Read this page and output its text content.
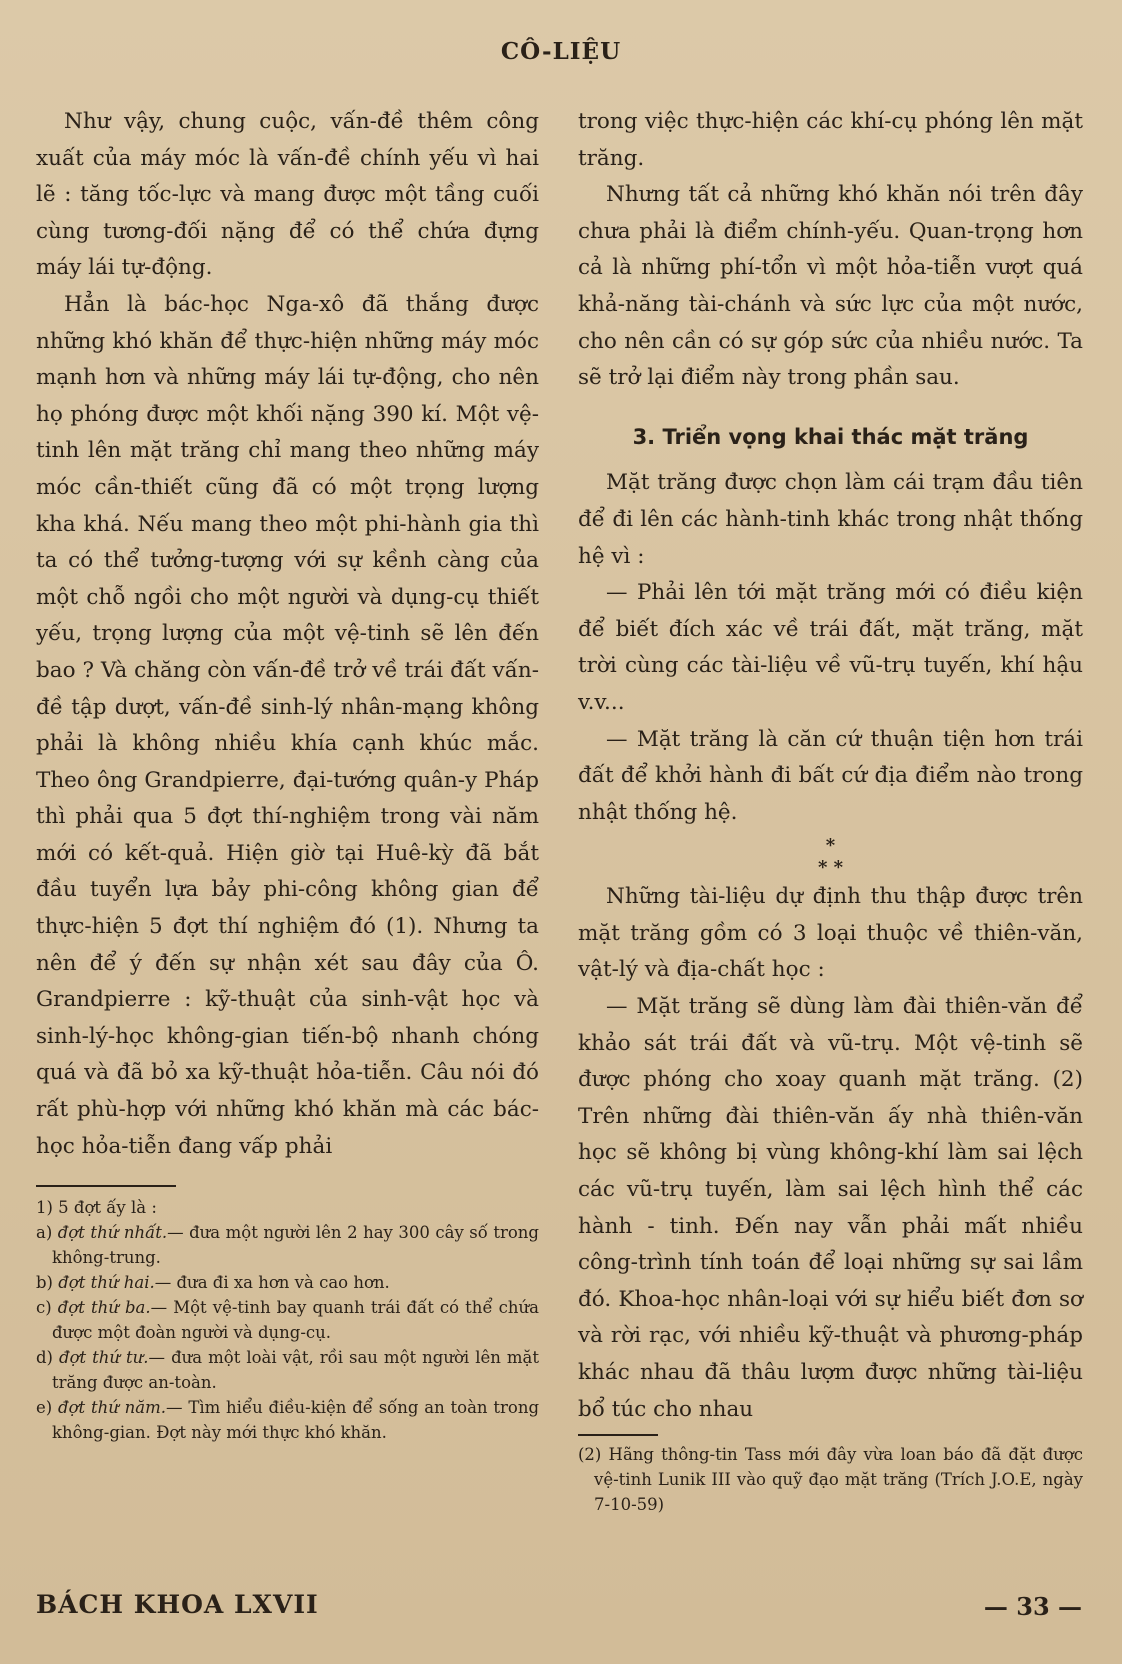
CÔ-LIỆU

Như vậy, chung cuộc, vấn-đề thêm công xuất của máy móc là vấn-đề chính yếu vì hai lẽ : tăng tốc-lực và mang được một tầng cuối cùng tương-đối nặng để có thể chứa đựng máy lái tự-động.

Hẳn là bác-học Nga-xô đã thắng được những khó khăn để thực-hiện những máy móc mạnh hơn và những máy lái tự-động, cho nên họ phóng được một khối nặng 390 kí. Một vệ-tinh lên mặt trăng chỉ mang theo những máy móc cần-thiết cũng đã có một trọng lượng kha khá. Nếu mang theo một phi-hành gia thì ta có thể tưởng-tượng với sự kềnh càng của một chỗ ngồi cho một người và dụng-cụ thiết yếu, trọng lượng của một vệ-tinh sẽ lên đến bao ? Và chăng còn vấn-đề trở về trái đất vấn-đề tập dượt, vấn-đề sinh-lý nhân-mạng không phải là không nhiều khía cạnh khúc mắc. Theo ông Grandpierre, đại-tướng quân-y Pháp thì phải qua 5 đợt thí-nghiệm trong vài năm mới có kết-quả. Hiện giờ tại Huê-kỳ đã bắt đầu tuyển lựa bảy phi-công không gian để thực-hiện 5 đợt thí nghiệm đó (1). Nhưng ta nên để ý đến sự nhận xét sau đây của Ô. Grandpierre : kỹ-thuật của sinh-vật học và sinh-lý-học không-gian tiến-bộ nhanh chóng quá và đã bỏ xa kỹ-thuật hỏa-tiễn. Câu nói đó rất phù-hợp với những khó khăn mà các bác-học hỏa-tiễn đang vấp phải

1) 5 đợt ấy là :

a) đợt thứ nhất.— đưa một người lên 2 hay 300 cây số trong không-trung.

b) đợt thứ hai.— đưa đi xa hơn và cao hơn.

c) đợt thứ ba.— Một vệ-tinh bay quanh trái đất có thể chứa được một đoàn người và dụng-cụ.

d) đợt thứ tư.— đưa một loài vật, rồi sau một người lên mặt trăng được an-toàn.

e) đợt thứ năm.— Tìm hiểu điều-kiện để sống an toàn trong không-gian. Đợt này mới thực khó khăn.

trong việc thực-hiện các khí-cụ phóng lên mặt trăng.

Nhưng tất cả những khó khăn nói trên đây chưa phải là điểm chính-yếu. Quan-trọng hơn cả là những phí-tổn vì một hỏa-tiễn vượt quá khả-năng tài-chánh và sức lực của một nước, cho nên cần có sự góp sức của nhiều nước. Ta sẽ trở lại điểm này trong phần sau.

3. Triển vọng khai thác mặt trăng

Mặt trăng được chọn làm cái trạm đầu tiên để đi lên các hành-tinh khác trong nhật thống hệ vì :

— Phải lên tới mặt trăng mới có điều kiện để biết đích xác về trái đất, mặt trăng, mặt trời cùng các tài-liệu về vũ-trụ tuyến, khí hậu v.v...

— Mặt trăng là căn cứ thuận tiện hơn trái đất để khởi hành đi bất cứ địa điểm nào trong nhật thống hệ.

*
* *

Những tài-liệu dự định thu thập được trên mặt trăng gồm có 3 loại thuộc về thiên-văn, vật-lý và địa-chất học :

— Mặt trăng sẽ dùng làm đài thiên-văn để khảo sát trái đất và vũ-trụ. Một vệ-tinh sẽ được phóng cho xoay quanh mặt trăng. (2) Trên những đài thiên-văn ấy nhà thiên-văn học sẽ không bị vùng không-khí làm sai lệch các vũ-trụ tuyến, làm sai lệch hình thể các hành - tinh. Đến nay vẫn phải mất nhiều công-trình tính toán để loại những sự sai lầm đó. Khoa-học nhân-loại với sự hiểu biết đơn sơ và rời rạc, với nhiều kỹ-thuật và phương-pháp khác nhau đã thâu lượm được những tài-liệu bổ túc cho nhau

(2) Hãng thông-tin Tass mới đây vừa loan báo đã đặt được vệ-tinh Lunik III vào quỹ đạo mặt trăng (Trích J.O.E, ngày 7-10-59)

BÁCH KHOA LXVII	— 33 —
